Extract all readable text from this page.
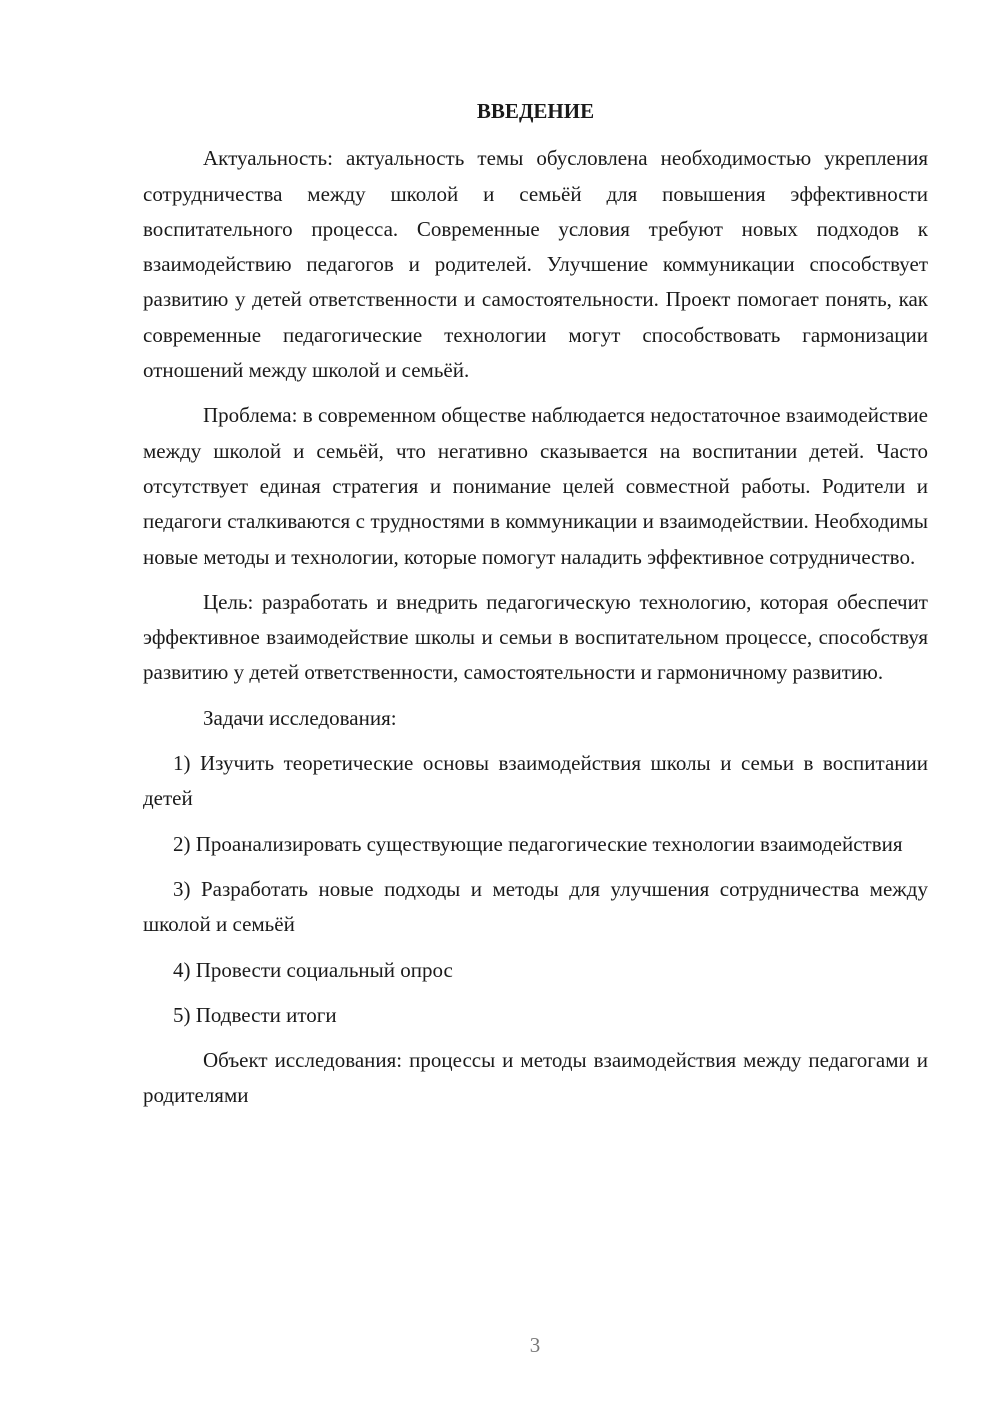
ВВЕДЕНИЕ

Актуальность: актуальность темы обусловлена необходимостью укрепления сотрудничества между школой и семьёй для повышения эффективности воспитательного процесса. Современные условия требуют новых подходов к взаимодействию педагогов и родителей. Улучшение коммуникации способствует развитию у детей ответственности и самостоятельности. Проект помогает понять, как современные педагогические технологии могут способствовать гармонизации отношений между школой и семьёй.

Проблема: в современном обществе наблюдается недостаточное взаимодействие между школой и семьёй, что негативно сказывается на воспитании детей. Часто отсутствует единая стратегия и понимание целей совместной работы. Родители и педагоги сталкиваются с трудностями в коммуникации и взаимодействии. Необходимы новые методы и технологии, которые помогут наладить эффективное сотрудничество.

Цель: разработать и внедрить педагогическую технологию, которая обеспечит эффективное взаимодействие школы и семьи в воспитательном процессе, способствуя развитию у детей ответственности, самостоятельности и гармоничному развитию.

Задачи исследования:

1) Изучить теоретические основы взаимодействия школы и семьи в воспитании детей

2) Проанализировать существующие педагогические технологии взаимодействия

3) Разработать новые подходы и методы для улучшения сотрудничества между школой и семьёй

4) Провести социальный опрос

5) Подвести итоги

Объект исследования: процессы и методы взаимодействия между педагогами и родителями

3
